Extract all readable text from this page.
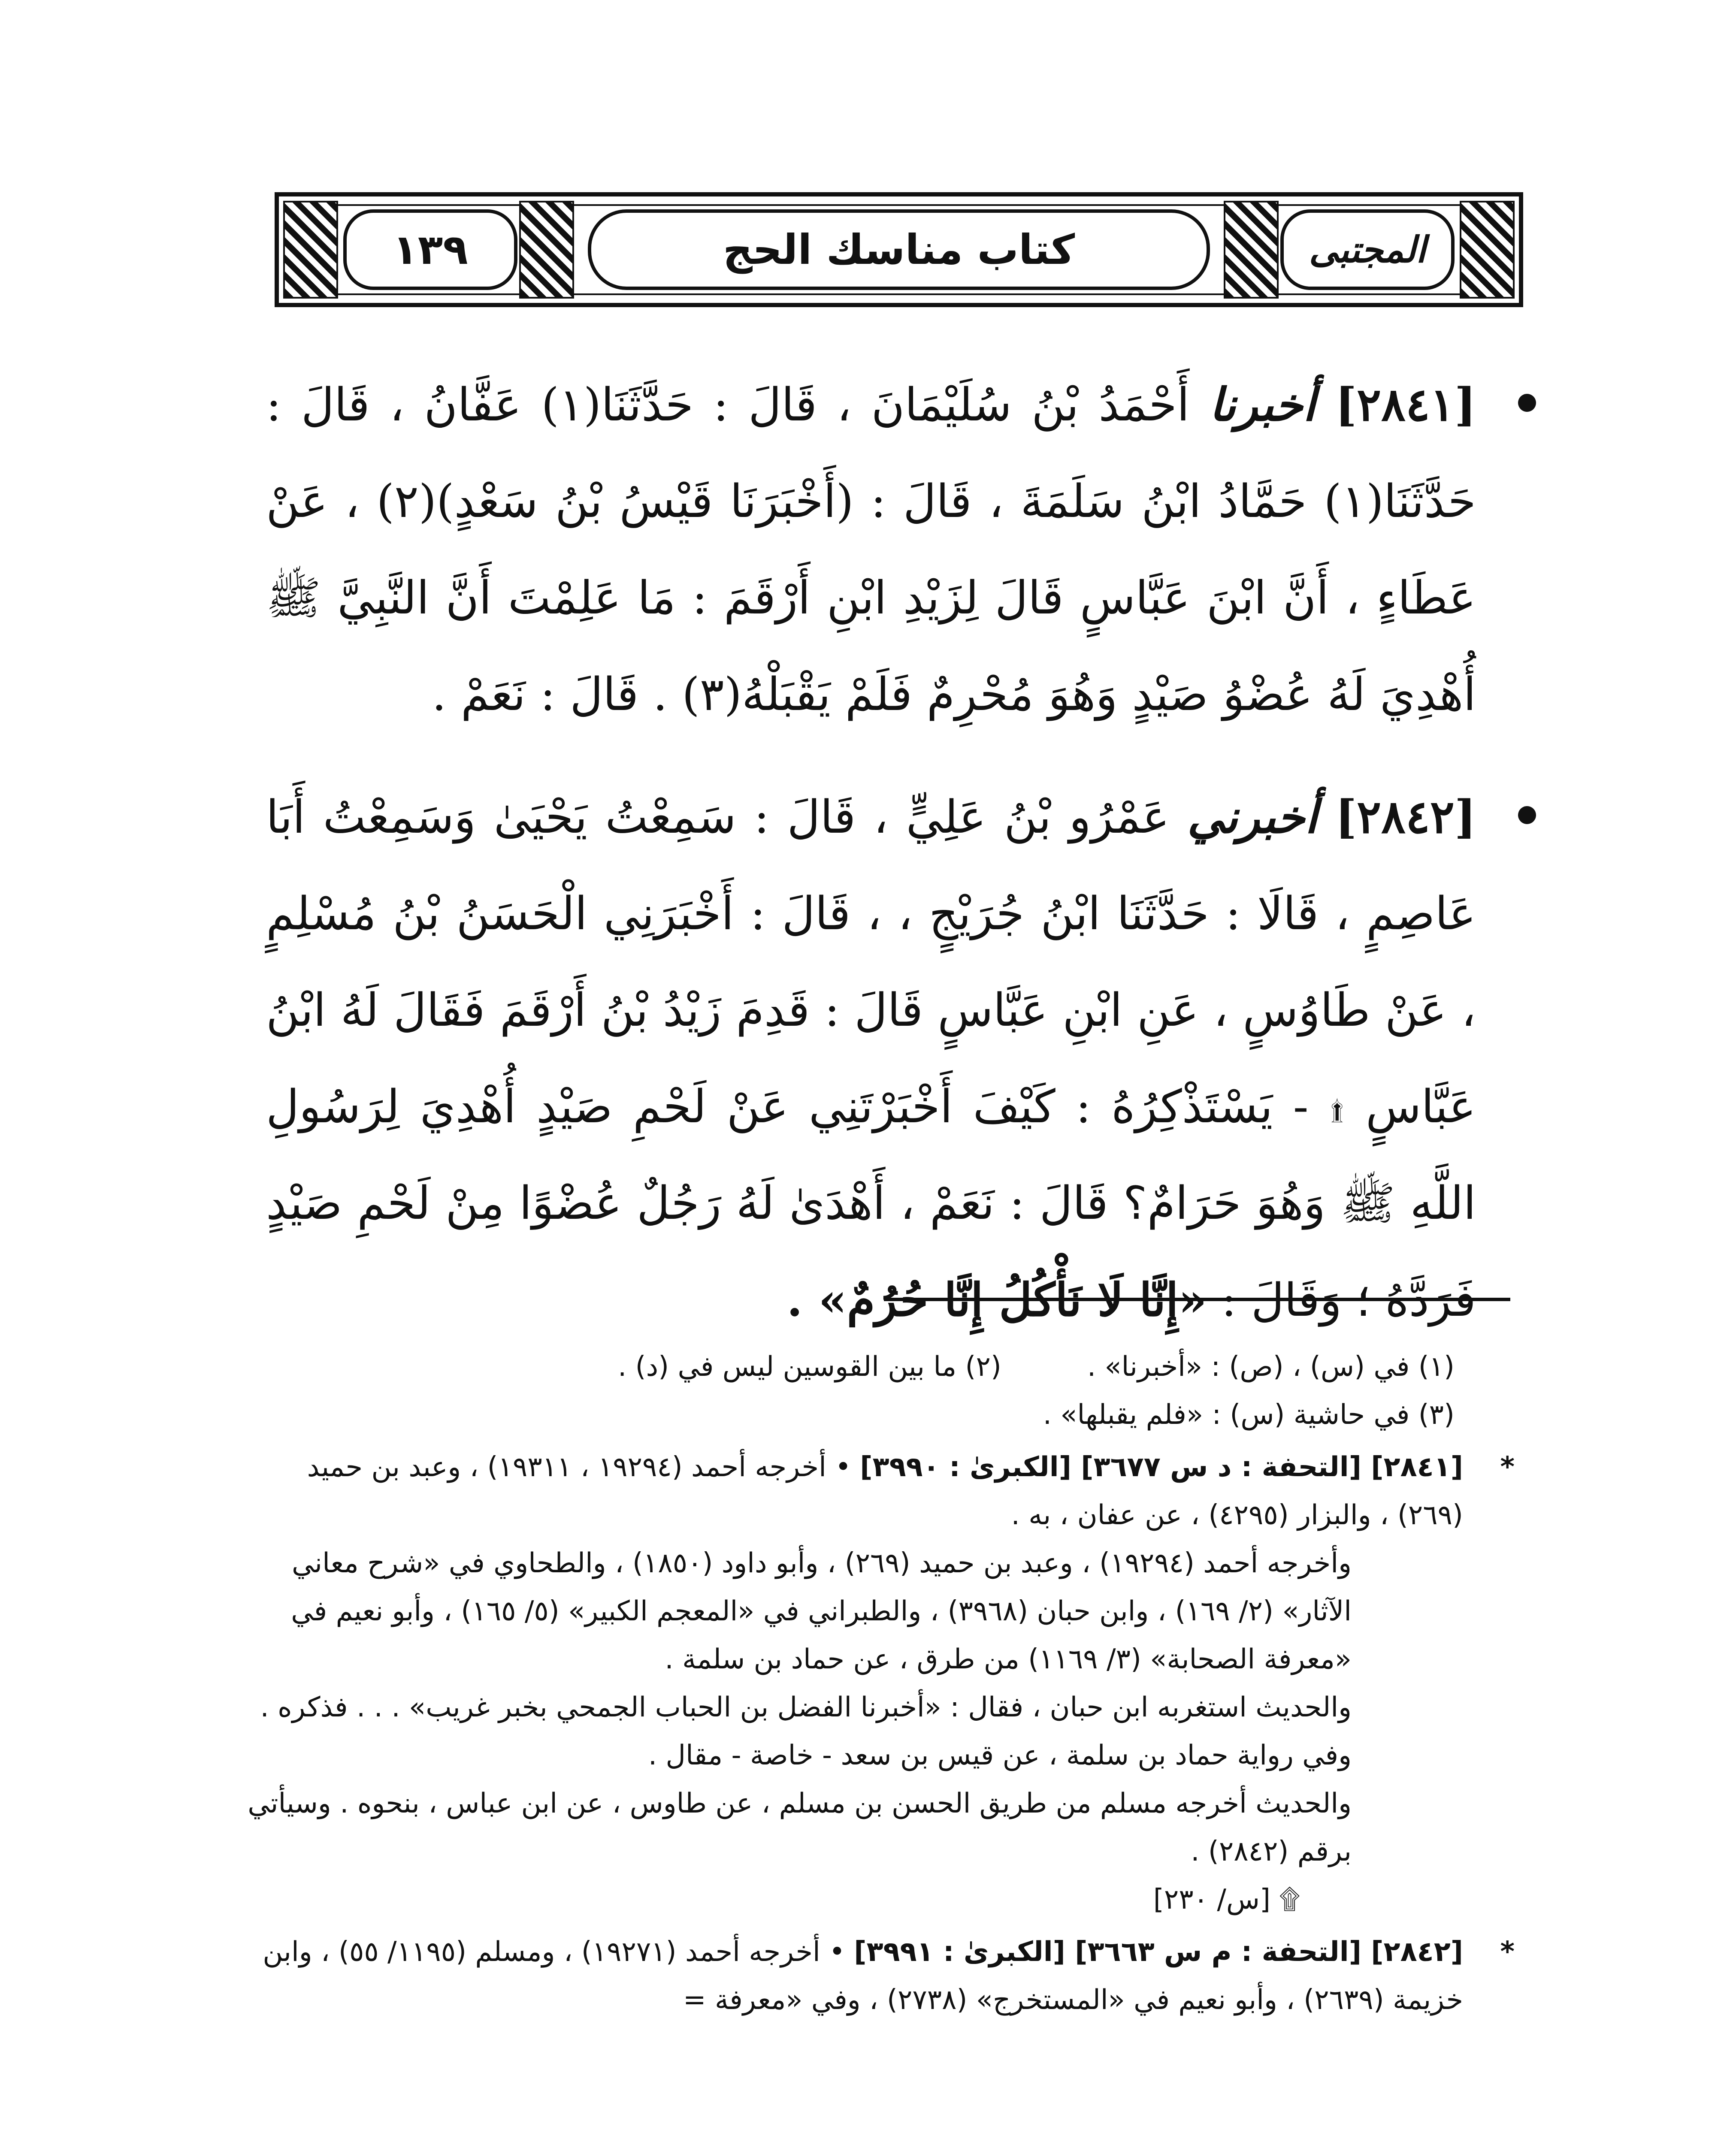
١٣٩	كتاب مناسك الحج	المجتبى
[٢٨٤١] أخبرنا أَحْمَدُ بْنُ سُلَيْمَانَ ، قَالَ : حَدَّثَنَا(١) عَفَّانُ ، قَالَ : حَدَّثَنَا(١) حَمَّادُ ابْنُ سَلَمَةَ ، قَالَ : (أَخْبَرَنَا قَيْسُ بْنُ سَعْدٍ)(٢) ، عَنْ عَطَاءٍ ، أَنَّ ابْنَ عَبَّاسٍ قَالَ لِزَيْدِ ابْنِ أَرْقَمَ : مَا عَلِمْتَ أَنَّ النَّبِيَّ ﷺ أُهْدِيَ لَهُ عُضْوُ صَيْدٍ وَهُوَ مُحْرِمٌ فَلَمْ يَقْبَلْهُ(٣) . قَالَ : نَعَمْ .
[٢٨٤٢] أخبرني عَمْرُو بْنُ عَلِيٍّ ، قَالَ : سَمِعْتُ يَحْيَىٰ وَسَمِعْتُ أَبَا عَاصِمٍ ، قَالَا : حَدَّثَنَا ابْنُ جُرَيْجٍ ، ، قَالَ : أَخْبَرَنِي الْحَسَنُ بْنُ مُسْلِمٍ ، عَنْ طَاوُسٍ ، عَنِ ابْنِ عَبَّاسٍ قَالَ : قَدِمَ زَيْدُ بْنُ أَرْقَمَ فَقَالَ لَهُ ابْنُ عَبَّاسٍ ۩ - يَسْتَذْكِرُهُ : كَيْفَ أَخْبَرْتَنِي عَنْ لَحْمِ صَيْدٍ أُهْدِيَ لِرَسُولِ اللَّهِ ﷺ وَهُوَ حَرَامٌ؟ قَالَ : نَعَمْ ، أَهْدَىٰ لَهُ رَجُلٌ عُضْوًا مِنْ لَحْمِ صَيْدٍ فَرَدَّهُ ؛ وَقَالَ : «إِنَّا لَا نَأْكُلُ إِنَّا حُرُمٌ» .
(١) في (س) ، (ص) : «أخبرنا» .
(٢) ما بين القوسين ليس في (د) .
(٣) في حاشية (س) : «فلم يقبلها» .
*

[٢٨٤١] [التحفة : د س ٣٦٧٧] [الكبرىٰ : ٣٩٩٠] • أخرجه أحمد (١٩٢٩٤ ، ١٩٣١١) ، وعبد بن حميد (٢٦٩) ، والبزار (٤٢٩٥) ، عن عفان ، به .

وأخرجه أحمد (١٩٢٩٤) ، وعبد بن حميد (٢٦٩) ، وأبو داود (١٨٥٠) ، والطحاوي في «شرح معاني الآثار» (٢/ ١٦٩) ، وابن حبان (٣٩٦٨) ، والطبراني في «المعجم الكبير» (٥/ ١٦٥) ، وأبو نعيم في «معرفة الصحابة» (٣/ ١١٦٩) من طرق ، عن حماد بن سلمة .

والحديث استغربه ابن حبان ، فقال : «أخبرنا الفضل بن الحباب الجمحي بخبر غريب» . . . فذكره .

وفي رواية حماد بن سلمة ، عن قيس بن سعد - خاصة - مقال .

والحديث أخرجه مسلم من طريق الحسن بن مسلم ، عن طاوس ، عن ابن عباس ، بنحوه . وسيأتي برقم (٢٨٤٢) .

۩ [س/ ٢٣٠]

*

[٢٨٤٢] [التحفة : م س ٣٦٦٣] [الكبرىٰ : ٣٩٩١] • أخرجه أحمد (١٩٢٧١) ، ومسلم (١١٩٥/ ٥٥) ، وابن خزيمة (٢٦٣٩) ، وأبو نعيم في «المستخرج» (٢٧٣٨) ، وفي «معرفة =
